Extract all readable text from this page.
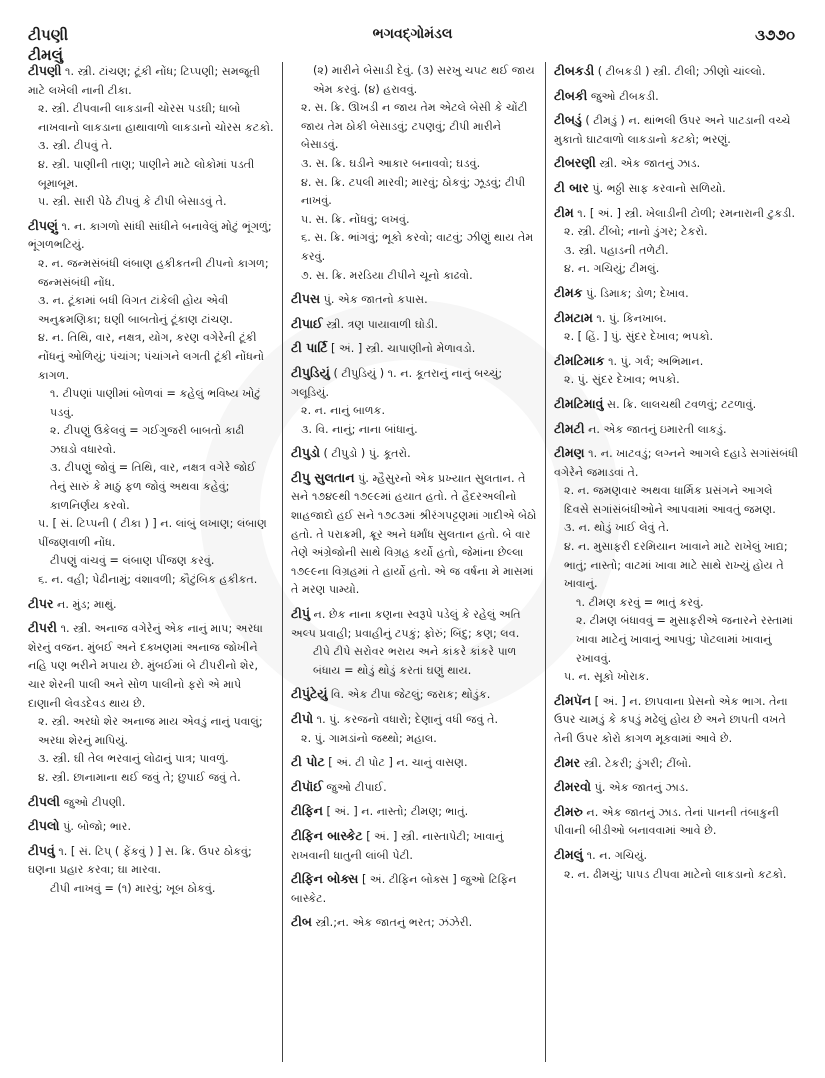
ટીપણી
ટીમલું
ભગવદ્ગોમંડલ	૩૭૭૦
ટીપણી ૧. સ્ત્રી. ટાંચણ; ટૂંકી નોંધ; ટિપ્પણી; સમજૂતી માટે લખેલી નાની ટીકા.
૨. સ્ત્રી. ટીપવાની લાકડાની ચોરસ પડઘી; ધાબો નાખવાનો લાકડાના હાથાવાળો લાકડાનો ચોરસ કટકો.
૩. સ્ત્રી. ટીપવું તે.
૪. સ્ત્રી. પાણીની તાણ; પાણીને માટે લોકોમાં પડતી બૂમાબૂમ.
૫. સ્ત્રી. સારી પેઠે ટીપવું કે ટીપી બેસાડવું તે.
ટીપણું ૧. ન. કાગળો સાંધી સાંધીને બનાવેલું મોટું ભૂંગળું; ભૂંગળભટિયું.
૨. ન. જન્મસંબંધી લંબાણ હકીકતની ટીપનો કાગળ; જન્મસંબંધી નોંધ.
૩. ન. ટૂંકામાં બધી વિગત ટાંકેલી હોય એવી અનુક્રમણિકા; ઘણી બાબતોનું ટૂંકાણ ટાંચણ.
૪. ન. તિથિ, વાર, નક્ષત્ર, યોગ, કરણ વગેરેની ટૂંકી નોંધનું ઓળિયું; પંચાંગ; પંચાંગને લગતી ટૂંકી નોંધનો કાગળ.
૧. ટીપણાં પાણીમાં બોળવાં = કહેલું ભવિષ્ય ખોટું પડવું.
૨. ટીપણું ઉકેલવું = ગઈગુજરી બાબતો કાઢી ઝઘડો વધારવો.
૩. ટીપણું જોવું = તિથિ, વાર, નક્ષત્ર વગેરે જોઈ તેનું સારું કે માઠું ફળ જોવું અથવા કહેવું; કાળનિર્ણય કરવો.
૫. [ સં. ટિપ્પની ( ટીકા ) ] ન. લાંબું લખાણ; લંબાણ પીંજણવાળી નોંધ.
ટીપણું વાંચવું = લંબાણ પીંજણ કરવું.
૬. ન. વહી; પેઢીનામું; વંશાવળી; કૌટુંબિક હકીકત.
ટીપર ન. મુંડ; માથું.
ટીપરી ૧. સ્ત્રી. અનાજ વગેરેનું એક નાનું માપ; અરધા શેરનું વજન. મુંબઈ અને દક્ખણમાં અનાજ જોખીને નહિ પણ ભરીને મપાય છે. મુંબઈમાં બે ટીપરીનો શેર, ચાર શેરની પાલી અને સોળ પાલીનો ફરો એ માપે દાણાની લેવડદેવડ થાય છે.
૨. સ્ત્રી. અરધો શેર અનાજ માય એવડું નાનું પવાલું; અરધા શેરનું માપિયું.
૩. સ્ત્રી. ઘી તેલ ભરવાનું લોઢાનું પાત્ર; પાવળું.
૪. સ્ત્રી. છાનામાના થઈ જવું તે; છુપાઈ જવું તે.
ટીપલી જુઓ ટીપણી.
ટીપલો પું. બોજો; ભાર.
ટીપવું ૧. [ સં. ટિપ્ ( ફેંકવું ) ] સ. ક્રિ. ઉપર ઠોકવું; ઘણના પ્રહાર કરવા; ઘા મારવા.
ટીપી નાખવું = (૧) મારવું; ખૂબ ઠોકવું.
(૨) મારીને બેસાડી દેવું. (૩) સરખુ ચપટ થઈ જાય એમ કરવું. (૪) હરાવવું.
૨. સ. ક્રિ. ઊખડી ન જાય તેમ એટલે બેસી કે ચોંટી જાય તેમ ઠોકી બેસાડવું; ટપણવું; ટીપી મારીને બેસાડવું.
૩. સ. ક્રિ. ઘડીને આકાર બનાવવો; ઘડવું.
૪. સ. ક્રિ. ટપલી મારવી; મારવું; ઠોકવું; ઝૂડવું; ટીપી નાખવું.
૫. સ. ક્રિ. નોંધવું; લખવું.
૬. સ. ક્રિ. ભાંગવું; ભૂકો કરવો; વાટવું; ઝીણું થાય તેમ કરવું.
૭. સ. ક્રિ. મરડિયા ટીપીને ચૂનો કાઢવો.
ટીપસ પું. એક જાતનો કપાસ.
ટીપાઈ સ્ત્રી. ત્રણ પાયાવાળી ઘોડી.
ટી પાર્ટિ [ અં. ] સ્ત્રી. ચાપાણીનો મેળાવડો.
ટીપુડિયું ( ટીપુડિયું ) ૧. ન. કૂતરાનું નાનું બચ્ચું; ગલૂડિયું.
૨. ન. નાનું બાળક.
૩. વિ. નાનું; નાના બાંધાનું.
ટીપુડો ( ટીપુડો ) પું. કૂતરો.
ટીપુ સુલતાન પું. મ્હૈસુરનો એક પ્રખ્યાત સુલતાન. તે સને ૧૭૪૯થી ૧૭૯૯માં હયાત હતો. તે હૈદરઅલીનો શાહજાદો હઈ સને ૧૭૮૩માં શ્રીરંગપટ્ટણમાં ગાદીએ બેઠો હતો. તે પરાક્રમી, ક્રૂર અને ધર્માંધ સુલતાન હતો. બે વાર તેણે અંગ્રેજોની સાથે વિગ્રહ કર્યો હતો, જેમાંના છેલ્લા ૧૭૯૯ના વિગ્રહમાં તે હાર્યો હતો. એ જ વર્ષના મે માસમાં તે મરણ પામ્યો.
ટીપું ન. છેક નાના કણના સ્વરૂપે પડેલું કે રહેલું અતિ અલ્પ પ્રવાહી; પ્રવાહીનું ટપકું; ફોરું; બિંદુ; કણ; લવ.
ટીપે ટીપે સરોવર ભરાય અને કાંકરે કાંકરે પાળ બંધાય = થોડું થોડું કરતાં ઘણું થાય.
ટીપુંટેયું વિ. એક ટીપા જેટલું; જરાક; થોડુંક.
ટીપો ૧. પું. કરજનો વધારો; દેણાનું વધી જવું તે.
૨. પું. ગામડાંનો જથ્થો; મહાલ.
ટી પોટ [ અં. ટી પોટ ] ન. ચાનું વાસણ.
ટીપૉઈ જુઓ ટીપાઈ.
ટીફિન [ અં. ] ન. નાસ્તો; ટીમણ; ભાતું.
ટીફિન બાસ્કેટ [ અં. ] સ્ત્રી. નાસ્તાપેટી; ખાવાનું રાખવાની ધાતુની લાંબી પેટી.
ટીફિન બોક્સ [ અં. ટીફિન બોક્સ ] જુઓ ટિફિન બાસ્કેટ.
ટીબ સ્ત્રી.;ન. એક જાતનું ભરત; ઝંઝેરી.
ટીબકડી ( ટીબકડી ) સ્ત્રી. ટીલી; ઝીણો ચાંલ્લો.
ટીબકી જુઓ ટીબકડી.
ટીબડું ( ટીમડું ) ન. થાંભલી ઉપર અને પાટડાની વચ્ચે મુકાતો ઘાટવાળો લાકડાનો કટકો; ભરણું.
ટીબરણી સ્ત્રી. એક જાતનું ઝાડ.
ટી બાર પું. ભઠ્ઠી સાફ કરવાનો સળિયો.
ટીમ ૧. [ અં. ] સ્ત્રી. ખેલાડીની ટોળી; રમનારાની ટુકડી.
૨. સ્ત્રી. ટીંબો; નાનો ડુંગર; ટેકરો.
૩. સ્ત્રી. પહાડની તળેટી.
૪. ન. ગચિયું; ટીમલું.
ટીમક પું. ડિમાક; ડોળ; દેખાવ.
ટીમટામ ૧. પું. કિનખાબ.
૨. [ હિં. ] પું. સુંદર દેખાવ; ભપકો.
ટીમટિમાક ૧. પું. ગર્વ; અભિમાન.
૨. પું. સુંદર દેખાવ; ભપકો.
ટીમટિમાવું સ. ક્રિ. લાલચથી ટવળવું; ટટળાવું.
ટીમટી ન. એક જાતનું ઇમારતી લાકડું.
ટીમણ ૧. ન. ખાટવડું; લગ્નને આગલે દહાડે સગાંસંબંધી વગેરેને જમાડવાં તે.
૨. ન. જમણવાર અથવા ધાર્મિક પ્રસંગને આગલે દિવસે સગાંસંબંધીઓને આપવામાં આવતું જમણ.
૩. ન. થોડું ખાઈ લેવું તે.
૪. ન. મુસાફરી દરમિયાન ખાવાને માટે રાખેલું ખાદ્ય; ભાતું; નાસ્તો; વાટમાં ખાવા માટે સાથે રાખ્યું હોય તે ખાવાનું.
૧. ટીમણ કરવું = ભાતું કરવું.
૨. ટીમણ બંધાવવું = મુસાફરીએ જનારને રસ્તામાં ખાવા માટેનું ખાવાનું આપવું; પોટલામાં ખાવાનું રખાવવું.
૫. ન. સૂકો ખોરાક.
ટીમપૅન [ અં. ] ન. છાપવાના પ્રેસનો એક ભાગ. તેના ઉપર ચામડું કે કપડું મઢેલું હોય છે અને છાપતી વખતે તેની ઉપર કોરો કાગળ મૂકવામાં આવે છે.
ટીમર સ્ત્રી. ટેકરી; ડુંગરી; ટીંબો.
ટીમરવો પું. એક જાતનું ઝાડ.
ટીમરુ ન. એક જાતનું ઝાડ. તેનાં પાનની તંબાકુની પીવાની બીડીઓ બનાવવામાં આવે છે.
ટીમલું ૧. ન. ગચિયું.
૨. ન. ઢીમચું; પાપડ ટીપવા માટેનો લાકડાનો કટકો.
